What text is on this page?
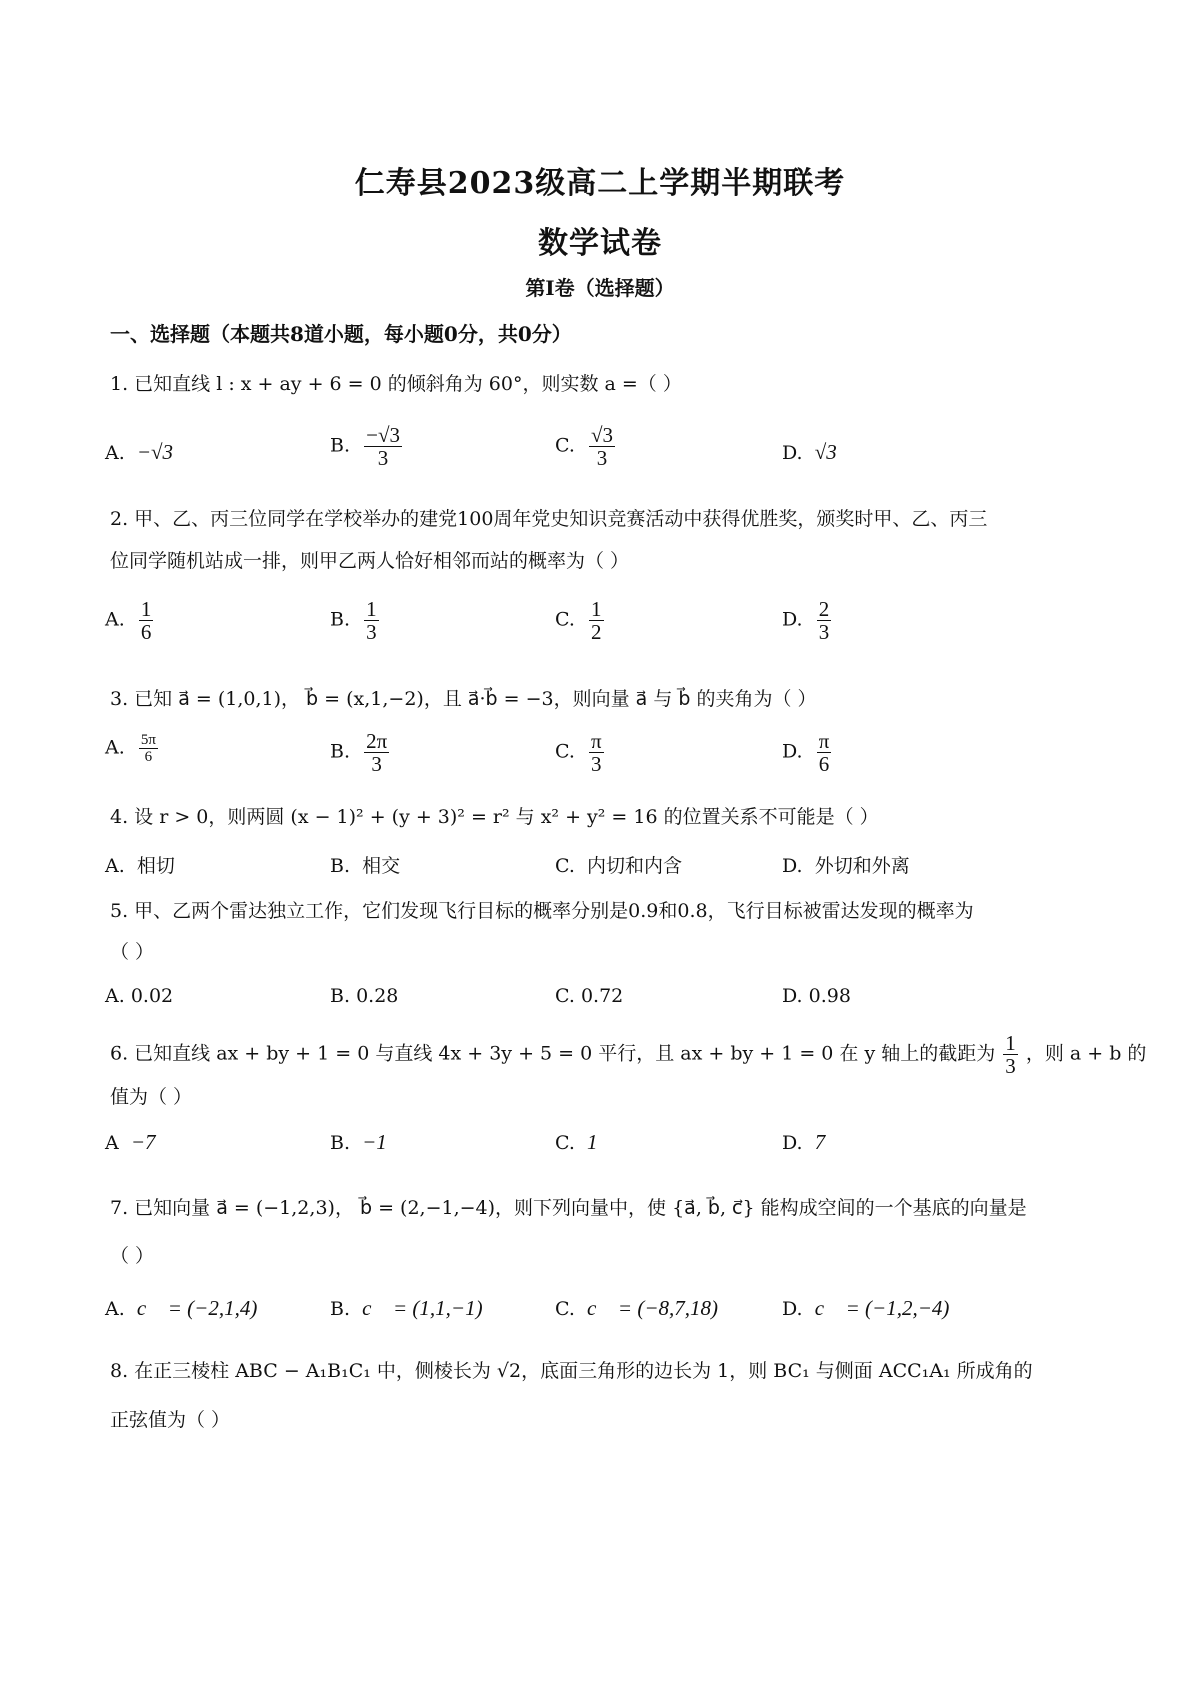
仁寿县2023级高二上学期半期联考
数学试卷
第I卷（选择题）
一、选择题（本题共8道小题，每小题0分，共0分）
1. 已知直线 l : x + ay + 6 = 0 的倾斜角为 60°，则实数 a =（ ）
A. −√3	B. $\frac{-√3}{3}$	C. $\frac{√3}{3}$	D. √3
2. 甲、乙、丙三位同学在学校举办的建党100周年党史知识竞赛活动中获得优胜奖，颁奖时甲、乙、丙三
位同学随机站成一排，则甲乙两人恰好相邻而站的概率为（ ）
A. $\frac{1}{6}$	B. $\frac{1}{3}$	C. $\frac{1}{2}$	D. $\frac{2}{3}$
3. 已知 a⃗ = (1,0,1)， b⃗ = (x,1,−2)，且 a⃗·b⃗ = −3，则向量 a⃗ 与 b⃗ 的夹角为（ ）
A. $\frac{5\pi}{6}$	B. $\frac{2\pi}{3}$	C. $\frac{\pi}{3}$	D. $\frac{\pi}{6}$
4. 设 r > 0，则两圆 (x − 1)² + (y + 3)² = r² 与 x² + y² = 16 的位置关系不可能是（ ）
A. 相切	B. 相交	C. 内切和内含	D. 外切和外离
5. 甲、乙两个雷达独立工作，它们发现飞行目标的概率分别是0.9和0.8，飞行目标被雷达发现的概率为
（ ）
A. 0.02	B. 0.28	C. 0.72	D. 0.98
6. 已知直线 ax + by + 1 = 0 与直线 4x + 3y + 5 = 0 平行，且 ax + by + 1 = 0 在 y 轴上的截距为 $\frac{1}{3}$ ，则 a + b 的
值为（ ）
A −7	B. −1	C. 1	D. 7
7. 已知向量 a⃗ = (−1,2,3)， b⃗ = (2,−1,−4)，则下列向量中，使 {a⃗, b⃗, c⃗} 能构成空间的一个基底的向量是
（ ）
A. c⃗ = (−2,1,4)	B. c⃗ = (1,1,−1)	C. c⃗ = (−8,7,18)	D. c⃗ = (−1,2,−4)
8. 在正三棱柱 ABC − A₁B₁C₁ 中，侧棱长为 √2，底面三角形的边长为 1，则 BC₁ 与侧面 ACC₁A₁ 所成角的
正弦值为（ ）
